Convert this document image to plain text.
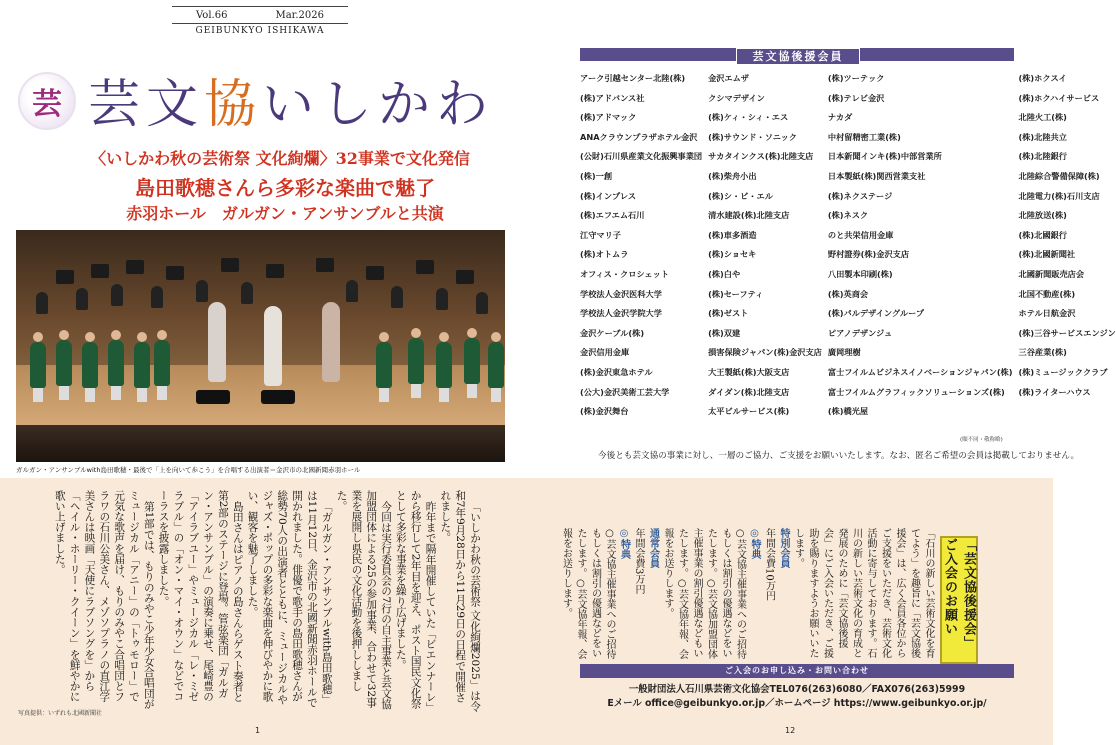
Vol.66	Mar.2026
GEIBUNKYO ISHIKAWA
芸 芸文協いしかわ
〈いしかわ秋の芸術祭 文化絢爛〉32事業で文化発信
島田歌穂さんら多彩な楽曲で魅了
赤羽ホール　ガルガン・アンサンブルと共演
ガルガン・アンサンブルwith島田歌穂・最後で「上を向いて歩こう」を合唱する出演者＝金沢市の北國新聞赤羽ホール

「いしかわ秋の芸術祭 文化絢爛2025」は令和7年9月28日から11月29日の日程で開催されました。

昨年まで隔年開催していた「ビエンナーレ」から移行して2年目を迎え、ポスト国民文化祭として多彩な事業を繰り広げました。

今回は実行委員会の7行の自主事業と芸文協加盟団体による25の参加事業、合わせて32事業を展開し県民の文化活動を後押ししました。

「ガルガン・アンサンブルwith島田歌穂」は11月12日、金沢市の北國新聞赤羽ホールで開かれました。俳優で歌手の島田歌穂さんが総勢70人の出演者とともに、ミュージカルやジャズ・ポップの多彩な楽曲を伸びやかに歌い、観客を魅了しました。

島田さんはピアノの島さんらゲスト奏者と第2部のステージに登場。管弦楽団「ガルガン・アンサンブル」の演奏に乗せ、尾崎豊の「アイラブユー」やミュージカル「レ・ミゼラブル」の「オン・マイ・オウン」などでコーラスを披露しました。

第1部では、もりのみやこ少年少女合唱団がミュージカル「アニー」の「トゥモロー」で元気な歌声を届け、もりのみやこ合唱団とフラワの石川公美さん、メゾソプラノの直江学美さんは映画「天使にラブソングを」から「ヘイル・ホーリー・クイーン」を鮮やかに歌い上げました。

写真提供：いずれも北國新聞社
1
芸文協後援会員
アーク引越センター北陸(株)	金沢エムザ	(株)ツーテック	(株)ホクスイ
(株)アドバンス社	クシマデザイン	(株)テレビ金沢	(株)ホクハイサービス
(株)アドマック	(株)ケィ・シィ・エス	ナカダ	北陸火工(株)
ANAクラウンプラザホテル金沢	(株)サウンド・ソニック	中村留精密工業(株)	(株)北陸共立
(公財)石川県産業文化振興事業団 サカタインクス(株)北陸支店	日本新聞インキ(株)中部営業所	(株)北陸銀行
(株)一創	(株)柴舟小出	日本製紙(株)関西営業支社	北陸綜合警備保障(株)
(株)インプレス	(株)シ・ビ・エル	(株)ネクステージ	北陸電力(株)石川支店
(株)エフエム石川	清水建設(株)北陸支店	(株)ネスク	北陸放送(株)
江守マリ子	(株)車多酒造	のと共栄信用金庫	(株)北國銀行
(株)オトムラ	(株)ショセキ	野村證券(株)金沢支店	(株)北國新聞社
オフィス・クロシェット	(株)白や	八田製本印刷(株)	北國新聞販売店会
学校法人金沢医科大学	(株)セーフティ	(株)英商会	北国不動産(株)
学校法人金沢学院大学	(株)ゼスト	(株)パルデザイングループ	ホテル日航金沢
金沢ケーブル(株)	(株)双建	ピアノデザンジュ	(株)三谷サービスエンジン
金沢信用金庫	損害保険ジャパン(株)金沢支店 廣岡理樹	三谷産業(株)
(株)金沢東急ホテル	大王製紙(株)大阪支店	富士フイルムビジネスイノベーションジャパン(株) (株)ミュージッククラブ
(公大)金沢美術工芸大学	ダイダン(株)北陸支店	富士フイルムグラフィックソリューションズ(株)	(株)ライターハウス
(株)金沢舞台	太平ビルサービス(株)	(株)橋光屋
(順不同・敬称略)
今後とも芸文協の事業に対し、一層のご協力、ご支援をお願いいたします。なお、匿名ご希望の会員は掲載しておりません。
「芸文協後援会」ご入会のお願い

「石川の新しい芸術文化を育てよう」を趣旨に「芸文協後援会」は、広く会員各位からご支援をいただき、芸術文化活動に寄与しております。石川の新しい芸術文化の育成と発展のために「芸文協後援会」にご入会いただき、ご援助を賜りますようお願いいたします。

特別会員

年間会費10万円

◎特典

○芸文協主催事業へのご招待もしくは割引の優遇などをいたします。○芸文協加盟団体主催事業の割引優遇などもいたします。○芸文協年報、会報をお送りします。

通常会員

年間会費3万円

◎特典

○芸文協主催事業へのご招待もしくは割引の優遇などをいたします。○芸文協年報、会報をお送りします。

ご入会のお申し込み・お問い合わせ
一般財団法人石川県芸術文化協会TEL076(263)6080／FAX076(263)5999
Eメール office@geibunkyo.or.jp／ホームページ https://www.geibunkyo.or.jp/
12
